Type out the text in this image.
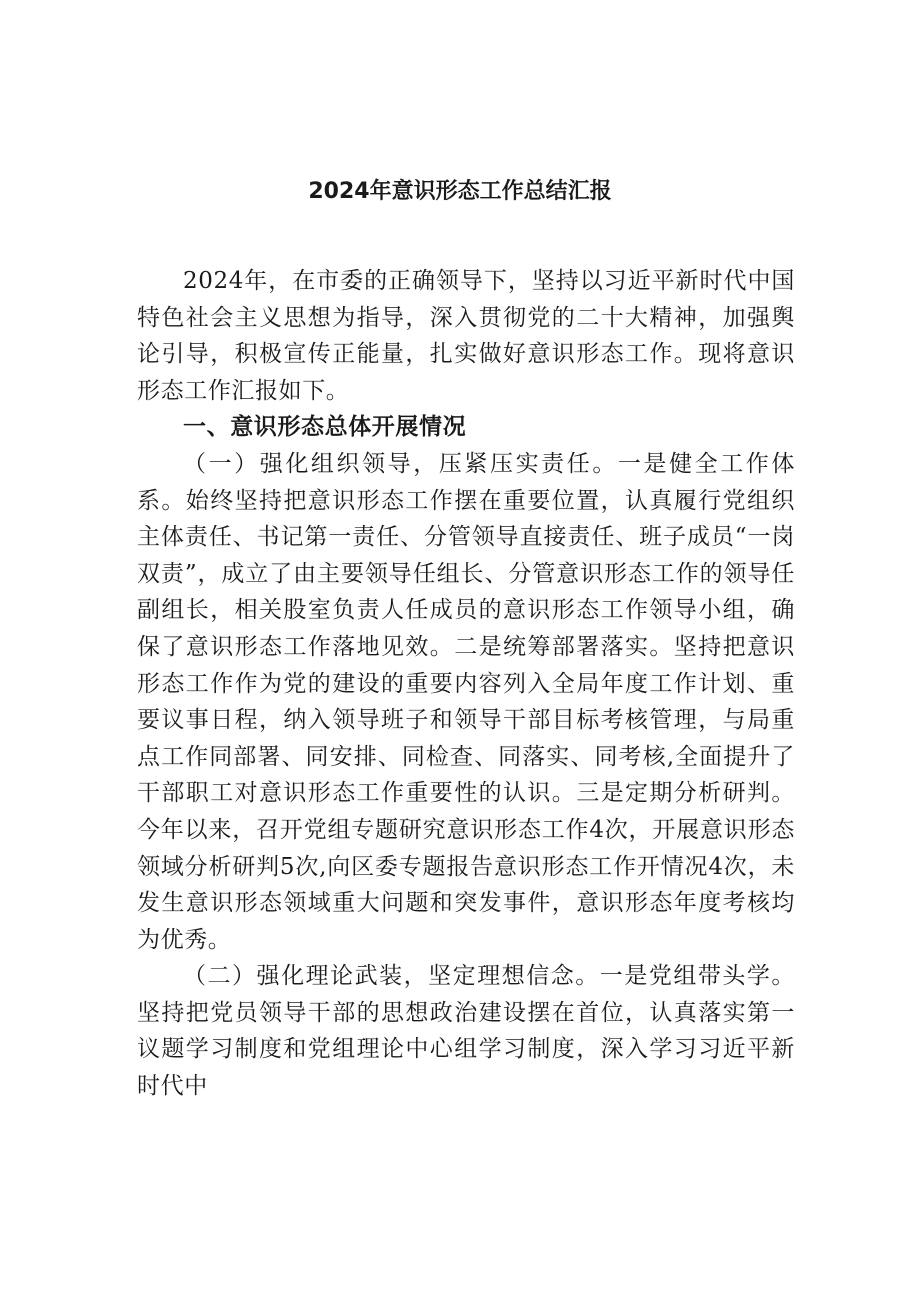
2024年意识形态工作总结汇报

2024年，在市委的正确领导下，坚持以习近平新时代中国特色社会主义思想为指导，深入贯彻党的二十大精神，加强舆论引导，积极宣传正能量，扎实做好意识形态工作。现将意识形态工作汇报如下。

一、意识形态总体开展情况

（一）强化组织领导，压紧压实责任。一是健全工作体系。始终坚持把意识形态工作摆在重要位置，认真履行党组织主体责任、书记第一责任、分管领导直接责任、班子成员“一岗双责”，成立了由主要领导任组长、分管意识形态工作的领导任副组长，相关股室负责人任成员的意识形态工作领导小组，确保了意识形态工作落地见效。二是统筹部署落实。坚持把意识形态工作作为党的建设的重要内容列入全局年度工作计划、重要议事日程，纳入领导班子和领导干部目标考核管理，与局重点工作同部署、同安排、同检查、同落实、同考核,全面提升了干部职工对意识形态工作重要性的认识。三是定期分析研判。今年以来，召开党组专题研究意识形态工作4次，开展意识形态领域分析研判5次,向区委专题报告意识形态工作开情况4次，未发生意识形态领域重大问题和突发事件，意识形态年度考核均为优秀。

（二）强化理论武装，坚定理想信念。一是党组带头学。坚持把党员领导干部的思想政治建设摆在首位，认真落实第一议题学习制度和党组理论中心组学习制度，深入学习习近平新时代中
